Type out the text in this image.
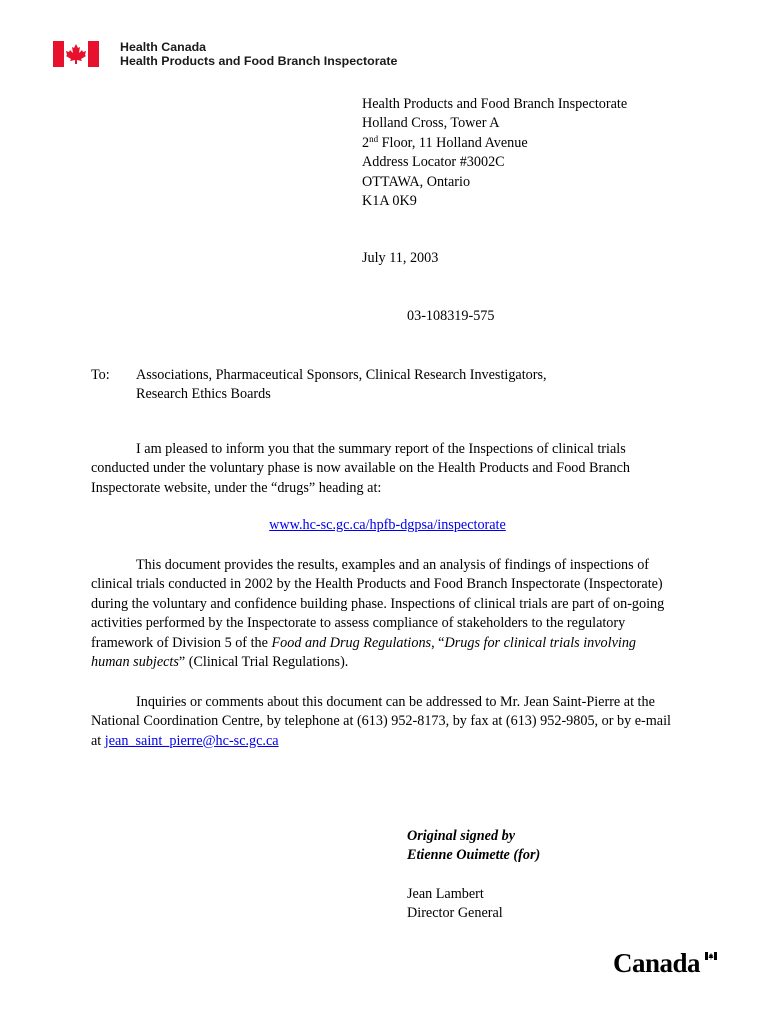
Health Canada
Health Products and Food Branch Inspectorate
Health Products and Food Branch Inspectorate
Holland Cross, Tower A
2nd Floor, 11 Holland Avenue
Address Locator #3002C
OTTAWA, Ontario
K1A 0K9
July 11, 2003
03-108319-575
To: Associations, Pharmaceutical Sponsors, Clinical Research Investigators,
Research Ethics Boards

I am pleased to inform you that the summary report of the Inspections of clinical trials conducted under the voluntary phase is now available on the Health Products and Food Branch Inspectorate website, under the “drugs” heading at:

www.hc-sc.gc.ca/hpfb-dgpsa/inspectorate

This document provides the results, examples and an analysis of findings of inspections of clinical trials conducted in 2002 by the Health Products and Food Branch Inspectorate (Inspectorate) during the voluntary and confidence building phase. Inspections of clinical trials are part of on-going activities performed by the Inspectorate to assess compliance of stakeholders to the regulatory framework of Division 5 of the Food and Drug Regulations, “Drugs for clinical trials involving human subjects” (Clinical Trial Regulations).

Inquiries or comments about this document can be addressed to Mr. Jean Saint-Pierre at the National Coordination Centre, by telephone at (613) 952-8173, by fax at (613) 952-9805, or by e-mail at jean_saint_pierre@hc-sc.gc.ca

Original signed by
Etienne Ouimette (for)
Jean Lambert
Director General
Canada
